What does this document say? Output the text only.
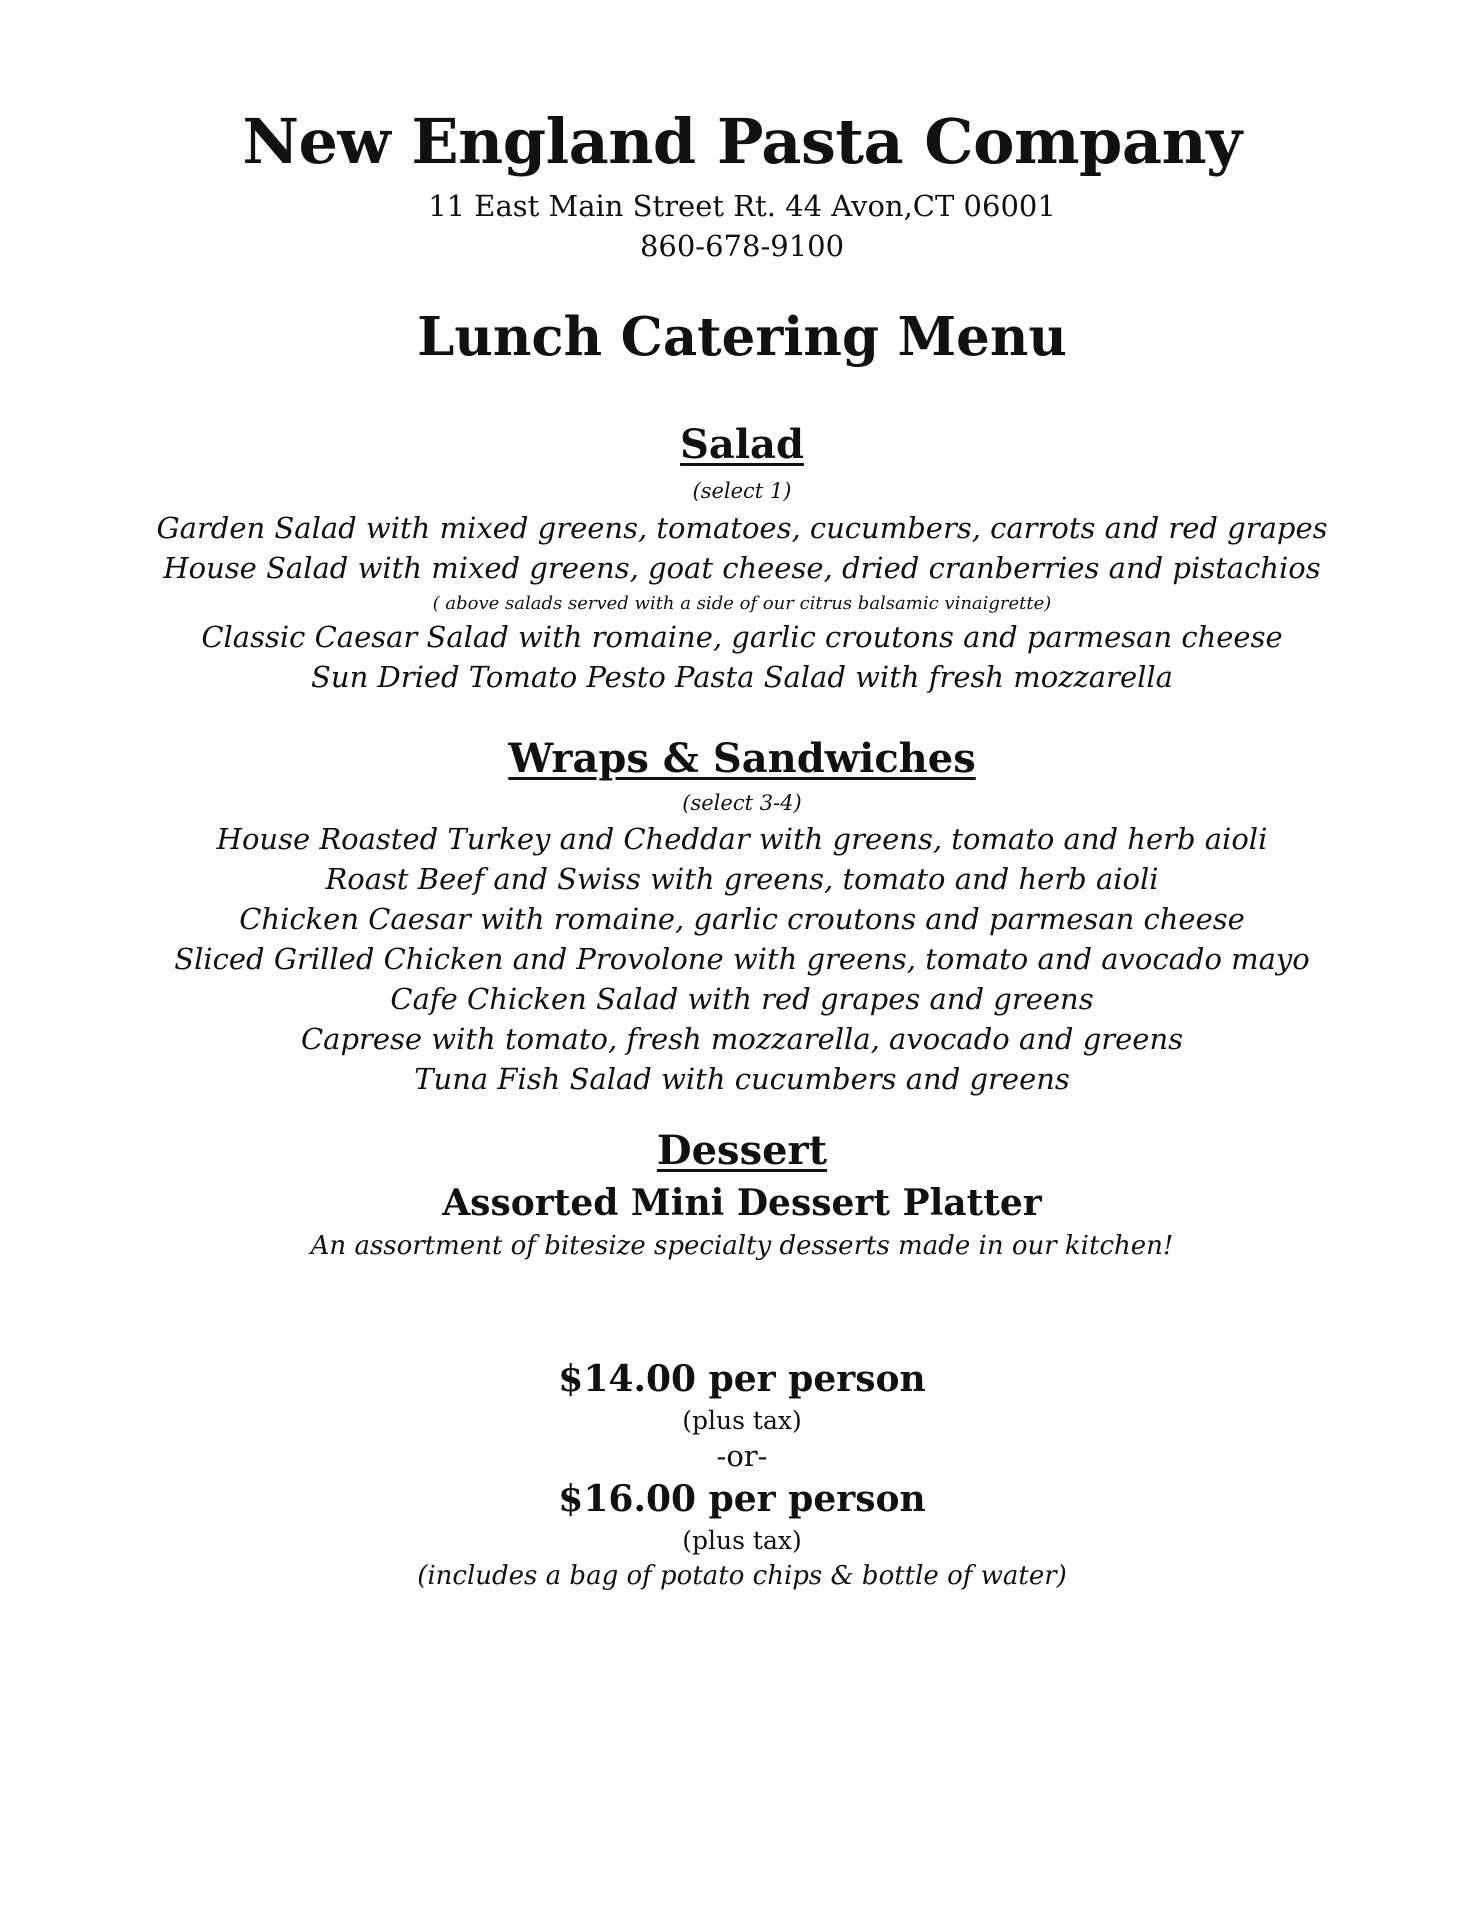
New England Pasta Company
11 East Main Street Rt. 44 Avon,CT 06001
860-678-9100
Lunch Catering Menu
Salad
(select 1)
Garden Salad with mixed greens, tomatoes, cucumbers, carrots and red grapes
House Salad with mixed greens, goat cheese, dried cranberries and pistachios
( above salads served with a side of our citrus balsamic vinaigrette)
Classic Caesar Salad with romaine, garlic croutons and parmesan cheese
Sun Dried Tomato Pesto Pasta Salad with fresh mozzarella
Wraps & Sandwiches
(select 3-4)
House Roasted Turkey and Cheddar with greens, tomato and herb aioli
Roast Beef and Swiss with greens, tomato and herb aioli
Chicken Caesar with romaine, garlic croutons and parmesan cheese
Sliced Grilled Chicken and Provolone with greens, tomato and avocado mayo
Cafe Chicken Salad with red grapes and greens
Caprese with tomato, fresh mozzarella, avocado and greens
Tuna Fish Salad with cucumbers and greens
Dessert
Assorted Mini Dessert Platter
An assortment of bitesize specialty desserts made in our kitchen!
$14.00 per person
(plus tax)
-or-
$16.00 per person
(plus tax)
(includes a bag of potato chips & bottle of water)
